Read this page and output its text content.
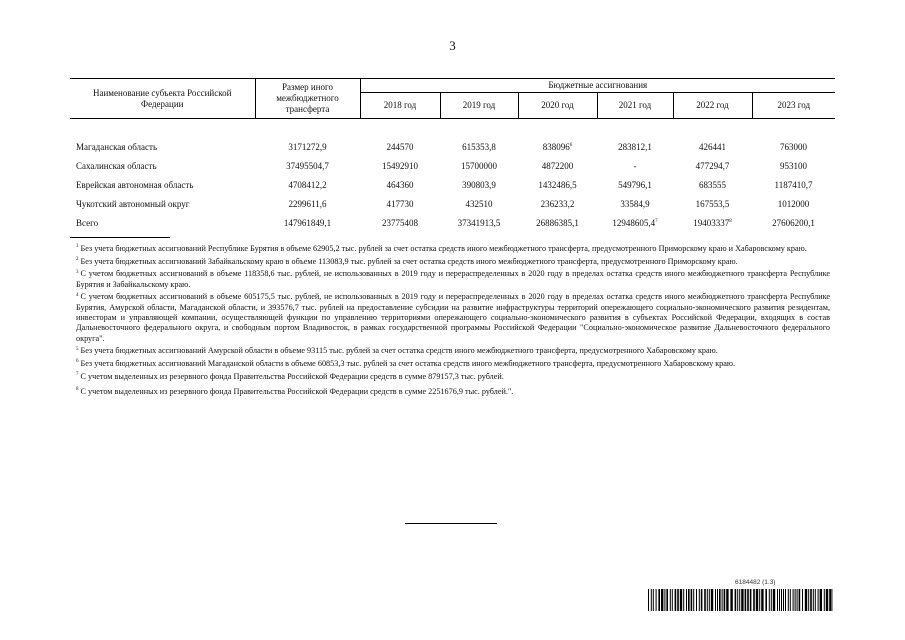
3
Наименование субъекта Российской Федерации	Размер иного межбюджетного трансферта	Бюджетные ассигнования					
		2018 год	2019 год	2020 год	2021 год	2022 год	2023 год

Магаданская область	3171272,9	244570	615353,8	838096$^6$	283812,1	426441	763000
Сахалинская область	37495504,7	15492910	15700000	4872200	-	477294,7	953100
Еврейская автономная область	4708412,2	464360	390803,9	1432486,5	549796,1	683555	1187410,7
Чукотский автономный округ	2299611,6	417730	432510	236233,2	33584,9	167553,5	1012000
Всего	147961849,1	23775408	37341913,5	26886385,1	12948605,4$^7$	19403337$^8$	27606200,1

$^1$ Без учета бюджетных ассигнований Республике Бурятия в объеме 62905,2 тыс. рублей за счет остатка средств иного межбюджетного трансферта, предусмотренного Приморскому краю и Хабаровскому краю.

$^2$ Без учета бюджетных ассигнований Забайкальскому краю в объеме 113083,9 тыс. рублей за счет остатка средств иного межбюджетного трансферта, предусмотренного Приморскому краю.

$^3$ С учетом бюджетных ассигнований в объеме 118358,6 тыс. рублей, не использованных в 2019 году и перераспределенных в 2020 году в пределах остатка средств иного межбюджетного трансферта Республике Бурятия и Забайкальскому краю.

$^4$ С учетом бюджетных ассигнований в объеме 605175,5 тыс. рублей, не использованных в 2019 году и перераспределенных в 2020 году в пределах остатка средств иного межбюджетного трансферта Республике Бурятия, Амурской области, Магаданской области, и 393576,7 тыс. рублей на предоставление субсидии на развитие инфраструктуры территорий опережающего социально-экономического развития резидентам, инвесторам и управляющей компании, осуществляющей функции по управлению территориями опережающего социально-экономического развития в субъектах Российской Федерации, входящих в состав Дальневосточного федерального округа, и свободным портом Владивосток, в рамках государственной программы Российской Федерации "Социально-экономическое развитие Дальневосточного федерального округа".

$^5$ Без учета бюджетных ассигнований Амурской области в объеме 93115 тыс. рублей за счет остатка средств иного межбюджетного трансферта, предусмотренного Хабаровскому краю.

$^6$ Без учета бюджетных ассигнований Магаданской области в объеме 60853,3 тыс. рублей за счет остатка средств иного межбюджетного трансферта, предусмотренного Хабаровскому краю.

$^7$ С учетом выделенных из резервного фонда Правительства Российской Федерации средств в сумме 879157,3 тыс. рублей.

$^8$ С учетом выделенных из резервного фонда Правительства Российской Федерации средств в сумме 2251676,9 тыс. рублей.".

6184482 (1.3)
